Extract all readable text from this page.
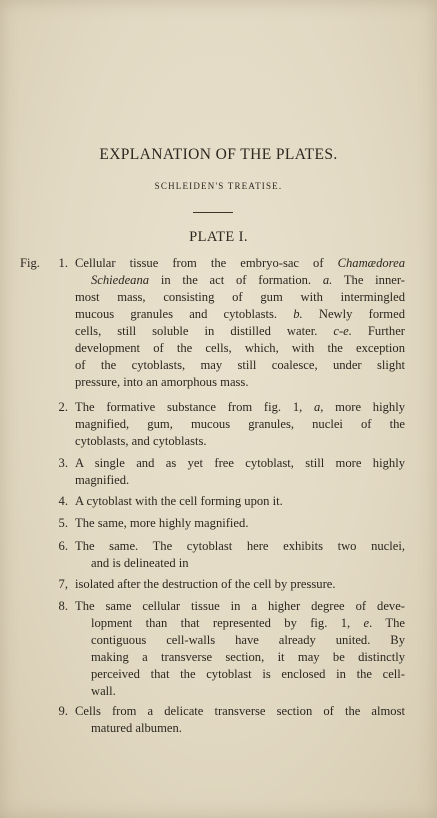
EXPLANATION OF THE PLATES.
SCHLEIDEN'S TREATISE.
PLATE I.
Fig.	1. Cellular tissue from the embryo-sac of Chamædorea
Schiedeana in the act of formation. a. The inner-
most mass, consisting of gum with intermingled
mucous granules and cytoblasts. b. Newly formed
cells, still soluble in distilled water. c-e. Further
development of the cells, which, with the exception
of the cytoblasts, may still coalesce, under slight
pressure, into an amorphous mass.
2. The formative substance from fig. 1, a, more highly
magnified, gum, mucous granules, nuclei of the
cytoblasts, and cytoblasts.
3. A single and as yet free cytoblast, still more highly
magnified.
4. A cytoblast with the cell forming upon it.
5. The same, more highly magnified.
6. The same. The cytoblast here exhibits two nuclei,
and is delineated in
7, isolated after the destruction of the cell by pressure.
8. The same cellular tissue in a higher degree of deve-
lopment than that represented by fig. 1, e. The
contiguous cell-walls have already united. By
making a transverse section, it may be distinctly
perceived that the cytoblast is enclosed in the cell-
wall.
9. Cells from a delicate transverse section of the almost
matured albumen.
